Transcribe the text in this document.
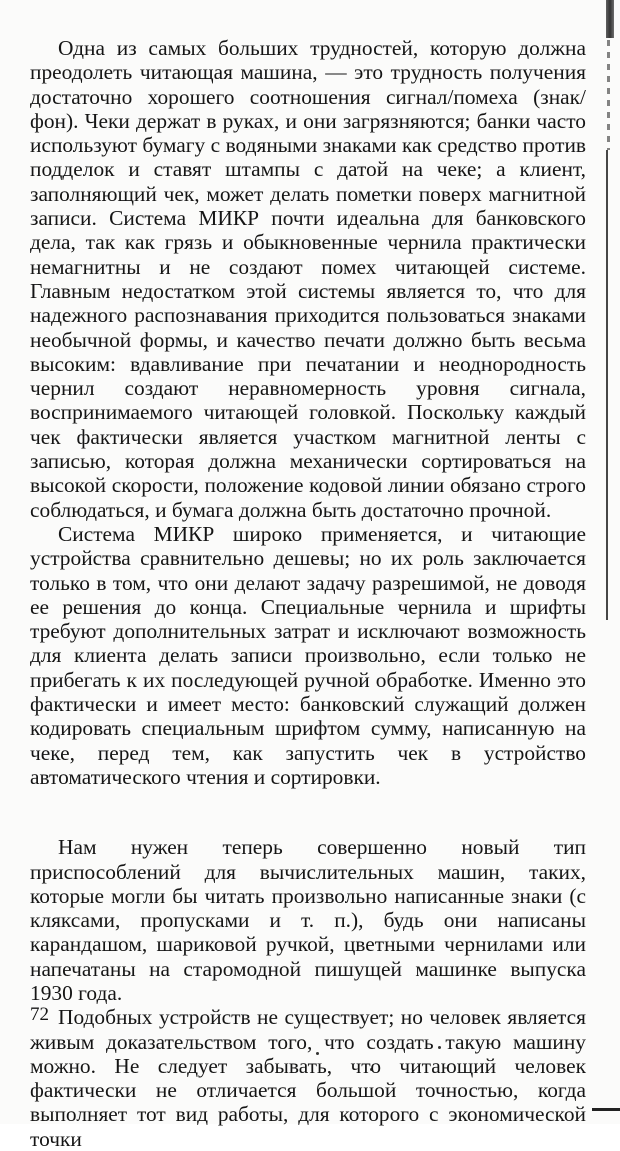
Одна из самых больших трудностей, которую должна преодолеть читающая машина, — это трудность получения достаточно хорошего соотношения сигнал/помеха (знак/фон). Чеки держат в руках, и они загрязняются; банки часто используют бумагу с водяными знаками как средство против подделок и ставят штампы с датой на чеке; а клиент, заполняющий чек, может делать пометки поверх магнитной записи. Система МИКР почти идеальна для банковского дела, так как грязь и обыкновенные чернила практически немагнитны и не создают помех читающей системе. Главным недостатком этой системы является то, что для надежного распознавания приходится пользоваться знаками необычной формы, и качество печати должно быть весьма высоким: вдавливание при печатании и неоднородность чернил создают неравномерность уровня сигнала, воспринимаемого читающей головкой. Поскольку каждый чек фактически является участком магнитной ленты с записью, которая должна механически сортироваться на высокой скорости, положение кодовой линии обязано строго соблюдаться, и бумага должна быть достаточно прочной.

Система МИКР широко применяется, и читающие устройства сравнительно дешевы; но их роль заключается только в том, что они делают задачу разрешимой, не доводя ее решения до конца. Специальные чернила и шрифты требуют дополнительных затрат и исключают возможность для клиента делать записи произвольно, если только не прибегать к их последующей ручной обработке. Именно это фактически и имеет место: банковский служащий должен кодировать специальным шрифтом сумму, написанную на чеке, перед тем, как запустить чек в устройство автоматического чтения и сортировки.

Нам нужен теперь совершенно новый тип приспособлений для вычислительных машин, таких, которые могли бы читать произвольно написанные знаки (с кляксами, пропусками и т. п.), будь они написаны карандашом, шариковой ручкой, цветными чернилами или напечатаны на старомодной пишущей машинке выпуска 1930 года.

Подобных устройств не существует; но человек является живым доказательством того, что создать такую машину можно. Не следует забывать, что читающий человек фактически не отличается большой точностью, когда выполняет тот вид работы, для которого с экономической точки

72
